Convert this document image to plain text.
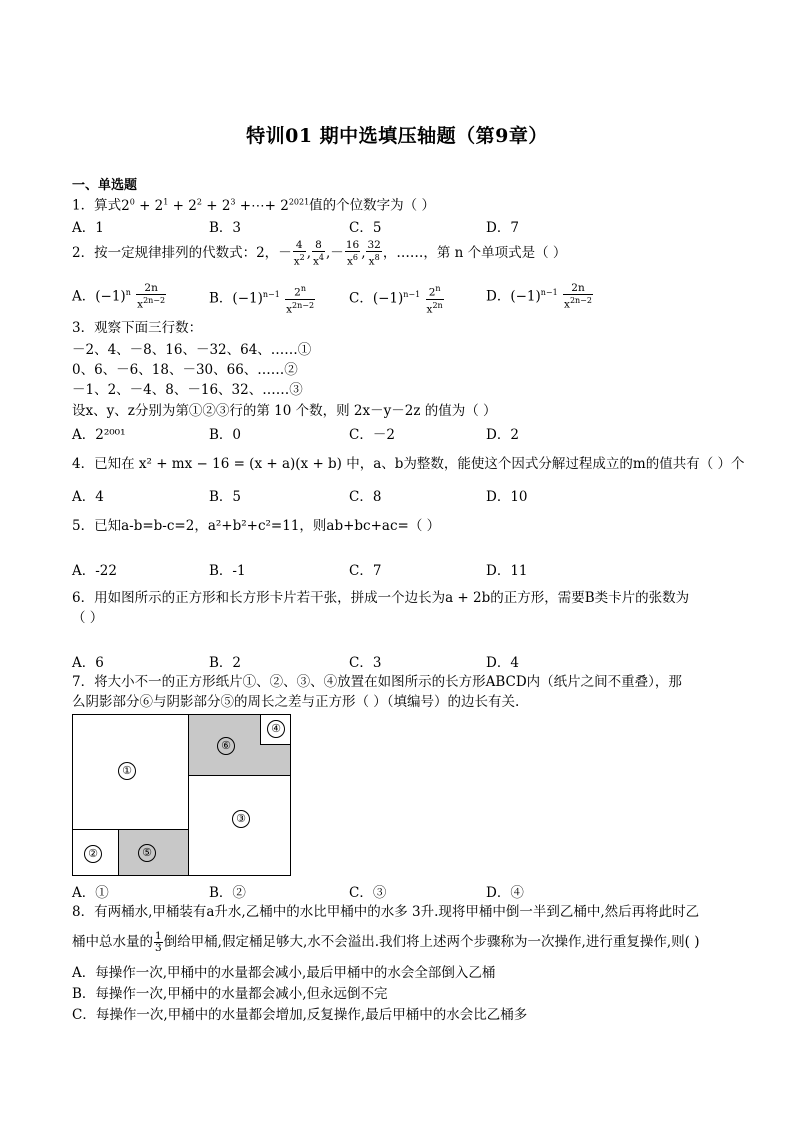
特训01 期中选填压轴题（第9章）
一、单选题
1．算式$2^0 + 2^1 + 2^2 + 2^3$ +⋯+ $2^{2021}$值的个位数字为（ ）
A．1	B．3	C．5	D．7
2．按一定规律排列的代数式：2，－ $\frac{4}{x^2}$ , $\frac{8}{x^4}$ ,－ $\frac{16}{x^6}$ , $\frac{32}{x^8}$ ，……，第 n 个单项式是（ ）
A．$(-1)^n \frac{2n}{x^{2n-2}}$	B．$(-1)^{n-1} \frac{2^n}{x^{2n-2}}$	C．$(-1)^{n-1} \frac{2^n}{x^{2n}}$	D．$(-1)^{n-1} \frac{2n}{x^{2n-2}}$
3．观察下面三行数：
－2、4、－8、16、－32、64、……①
0、6、－6、18、－30、66、……②
－1、2、－4、8、－16、32、……③
设x、y、z分别为第①②③行的第 10 个数，则 2x－y－2z 的值为（ ）
A．2²⁰⁰¹	B．0	C．－2	D．2
4．已知在 x² + mx − 16 = (x + a)(x + b) 中，a、b为整数，能使这个因式分解过程成立的m的值共有（ ）个
A．4	B．5	C．8	D．10
5．已知a-b=b-c=2，a²+b²+c²=11，则ab+bc+ac=（ ）
A．-22	B．-1	C．7	D．11
6．用如图所示的正方形和长方形卡片若干张，拼成一个边长为a + 2b的正方形，需要B类卡片的张数为
（ ）
A．6	B．2	C．3	D．4
7．将大小不一的正方形纸片①、②、③、④放置在如图所示的长方形ABCD内（纸片之间不重叠），那
么阴影部分⑥与阴影部分⑤的周长之差与正方形（ ）（填编号）的边长有关.
①
②
③
④
⑤
⑥
A．①	B．②	C．③	D．④
8．有两桶水,甲桶装有a升水,乙桶中的水比甲桶中的水多 3升.现将甲桶中倒一半到乙桶中,然后再将此时乙
桶中总水量的 $\frac{1}{3}$ 倒给甲桶,假定桶足够大,水不会溢出.我们将上述两个步骤称为一次操作,进行重复操作,则( )
A．每操作一次,甲桶中的水量都会减小,最后甲桶中的水会全部倒入乙桶
B．每操作一次,甲桶中的水量都会减小,但永远倒不完
C．每操作一次,甲桶中的水量都会增加,反复操作,最后甲桶中的水会比乙桶多
